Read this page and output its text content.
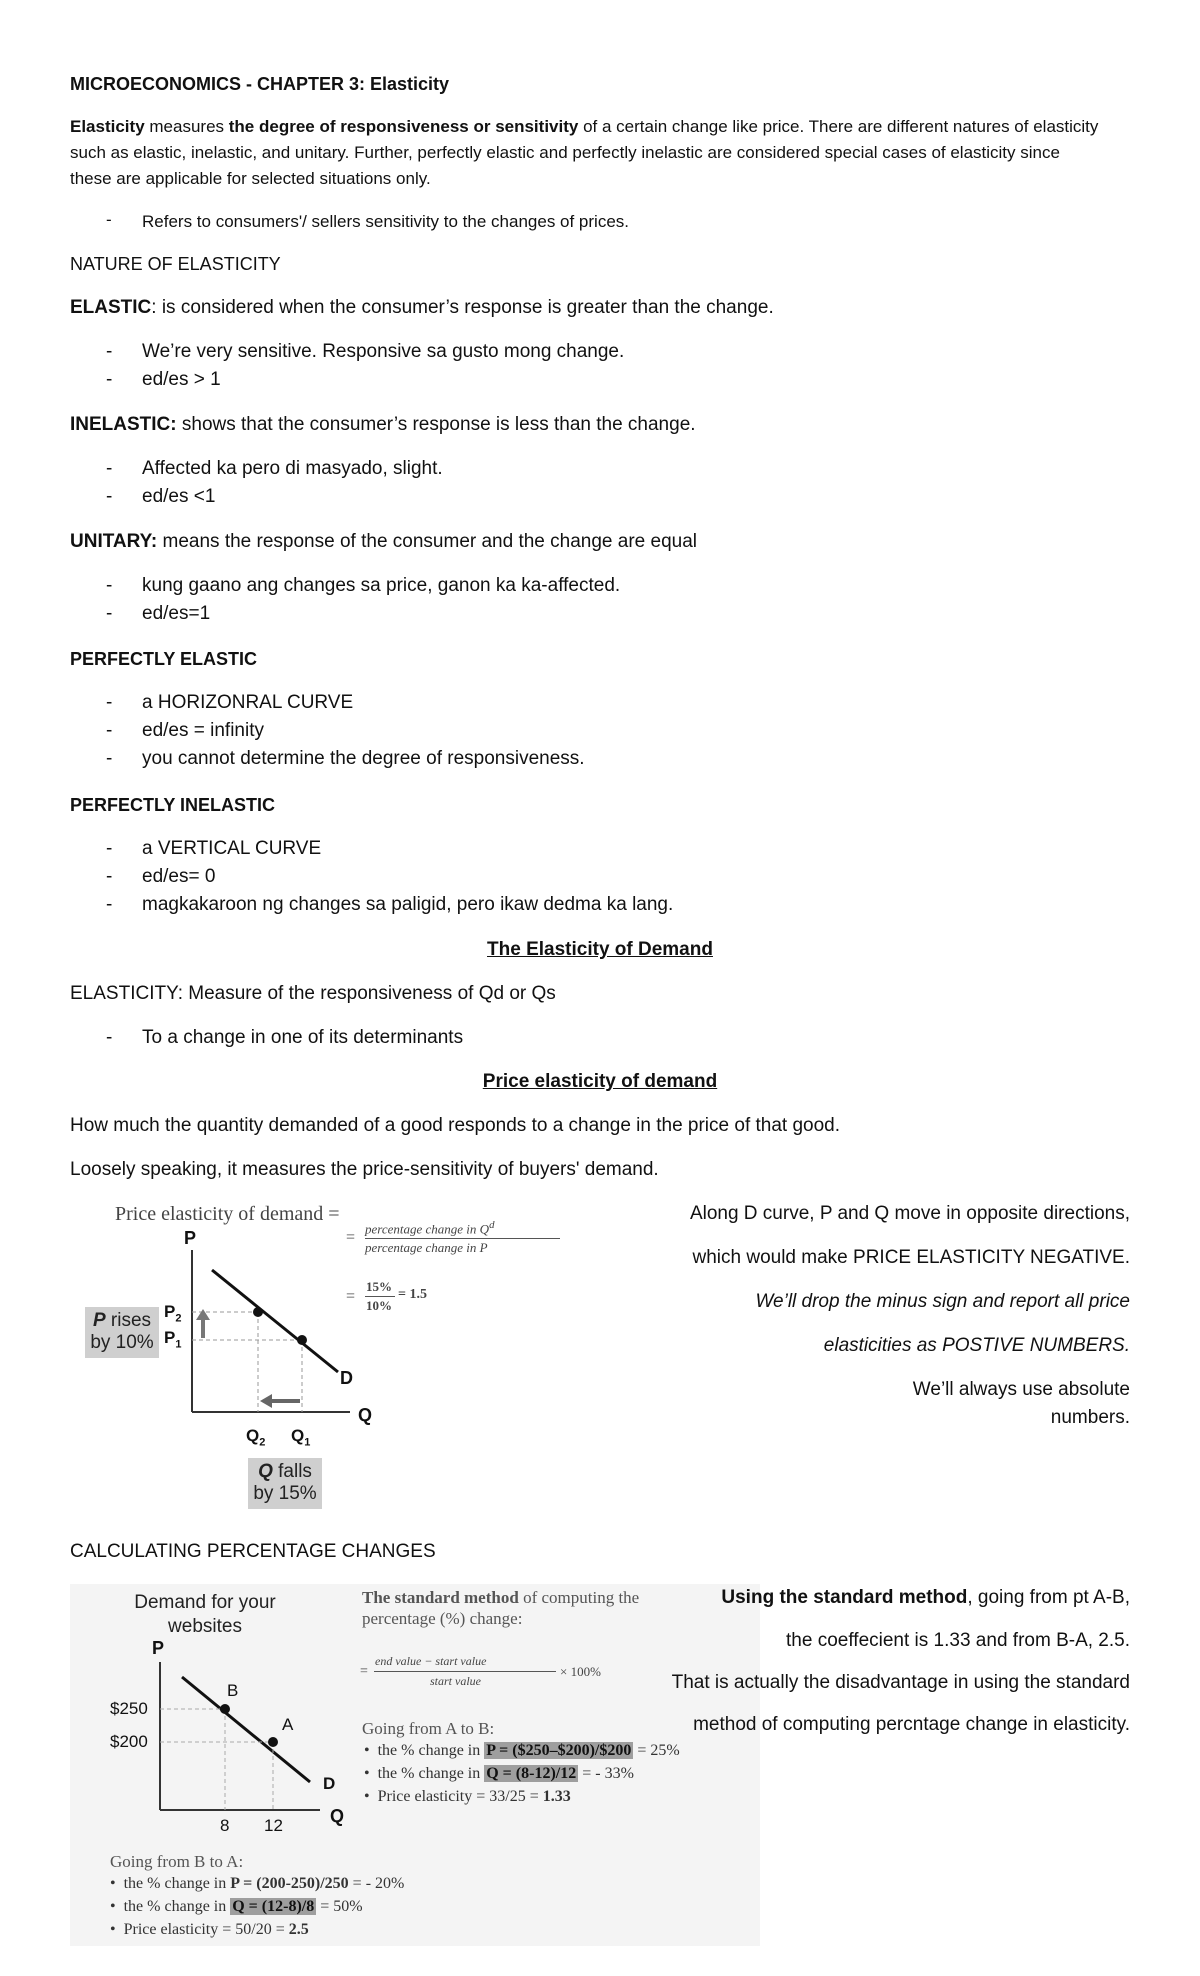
MICROECONOMICS - CHAPTER 3: Elasticity
Elasticity measures the degree of responsiveness or sensitivity of a certain change like price. There are different natures of elasticity
such as elastic, inelastic, and unitary. Further, perfectly elastic and perfectly inelastic are considered special cases of elasticity since
these are applicable for selected situations only.
- Refers to consumers'/ sellers sensitivity to the changes of prices.
NATURE OF ELASTICITY
ELASTIC: is considered when the consumer’s response is greater than the change.
- We’re very sensitive. Responsive sa gusto mong change.
- ed/es > 1
INELASTIC: shows that the consumer’s response is less than the change.
- Affected ka pero di masyado, slight.
- ed/es <1
UNITARY: means the response of the consumer and the change are equal
- kung gaano ang changes sa price, ganon ka ka-affected.
- ed/es=1
PERFECTLY ELASTIC
- a HORIZONRAL CURVE
- ed/es = infinity
- you cannot determine the degree of responsiveness.
PERFECTLY INELASTIC
- a VERTICAL CURVE
- ed/es= 0
- magkakaroon ng changes sa paligid, pero ikaw dedma ka lang.
The Elasticity of Demand
ELASTICITY: Measure of the responsiveness of Qd or Qs
- To a change in one of its determinants
Price elasticity of demand
How much the quantity demanded of a good responds to a change in the price of that good.
Loosely speaking, it measures the price-sensitivity of buyers' demand.
Price elasticity of demand =
=
percentage change in $Q^d$
percentage change in P
=
15%
10%
= 1.5
P
Q
D
$P_2$
$P_1$
$Q_2$ $Q_1$
P rises
by 10%
Q falls
by 15%
Along D curve, P and Q move in opposite directions,
which would make PRICE ELASTICITY NEGATIVE.
We’ll drop the minus sign and report all price
elasticities as POSTIVE NUMBERS.
We’ll always use absolute
numbers.
CALCULATING PERCENTAGE CHANGES
Demand for your
websites
P
Q
D
B
A
$250
$200
8 12
The standard method of computing the
percentage (%) change:
=
end value − start value
start value
× 100%
Going from A to B:
•  the % change in P = ($250–$200)/$200 = 25%
•  the % change in Q = (8-12)/12 = - 33%
•  Price elasticity = 33/25 = 1.33
Going from B to A:
•  the % change in P = (200-250)/250 = - 20%
•  the % change in Q = (12-8)/8 = 50%
•  Price elasticity = 50/20 = 2.5
Using the standard method, going from pt A-B,
the coeffecient is 1.33 and from B-A, 2.5.
That is actually the disadvantage in using the standard
method of computing percntage change in elasticity.
